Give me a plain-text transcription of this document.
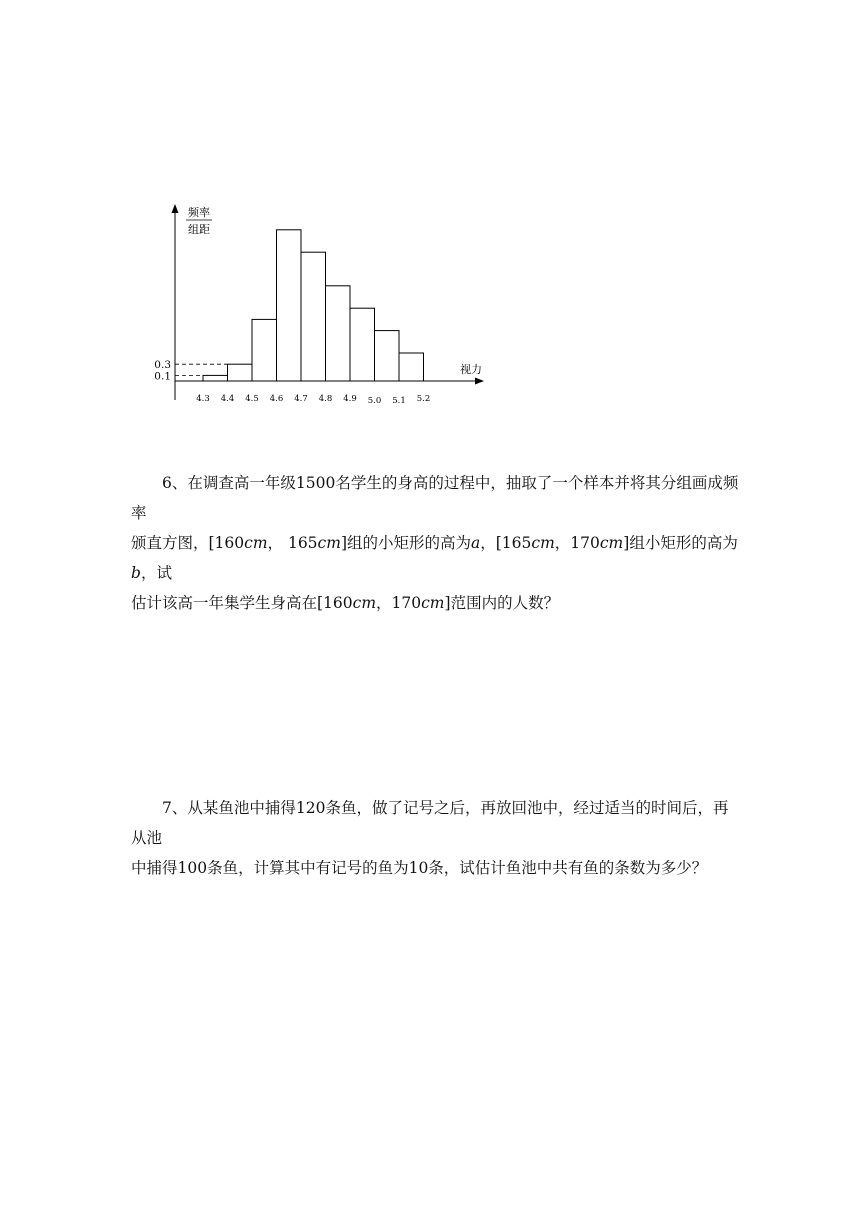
频率
组距
视力
0.1
0.3
4.3 4.4 4.5 4.6 4.7 4.8 4.9 5.0 5.1 5.2

6、在调查高一年级1500名学生的身高的过程中，抽取了一个样本并将其分组画成频率

颁直方图，[160cm， 165cm]组的小矩形的高为a，[165cm，170cm]组小矩形的高为b，试

估计该高一年集学生身高在[160cm，170cm]范围内的人数？

7、从某鱼池中捕得120条鱼，做了记号之后，再放回池中，经过适当的时间后，再从池

中捕得100条鱼，计算其中有记号的鱼为10条，试估计鱼池中共有鱼的条数为多少？
